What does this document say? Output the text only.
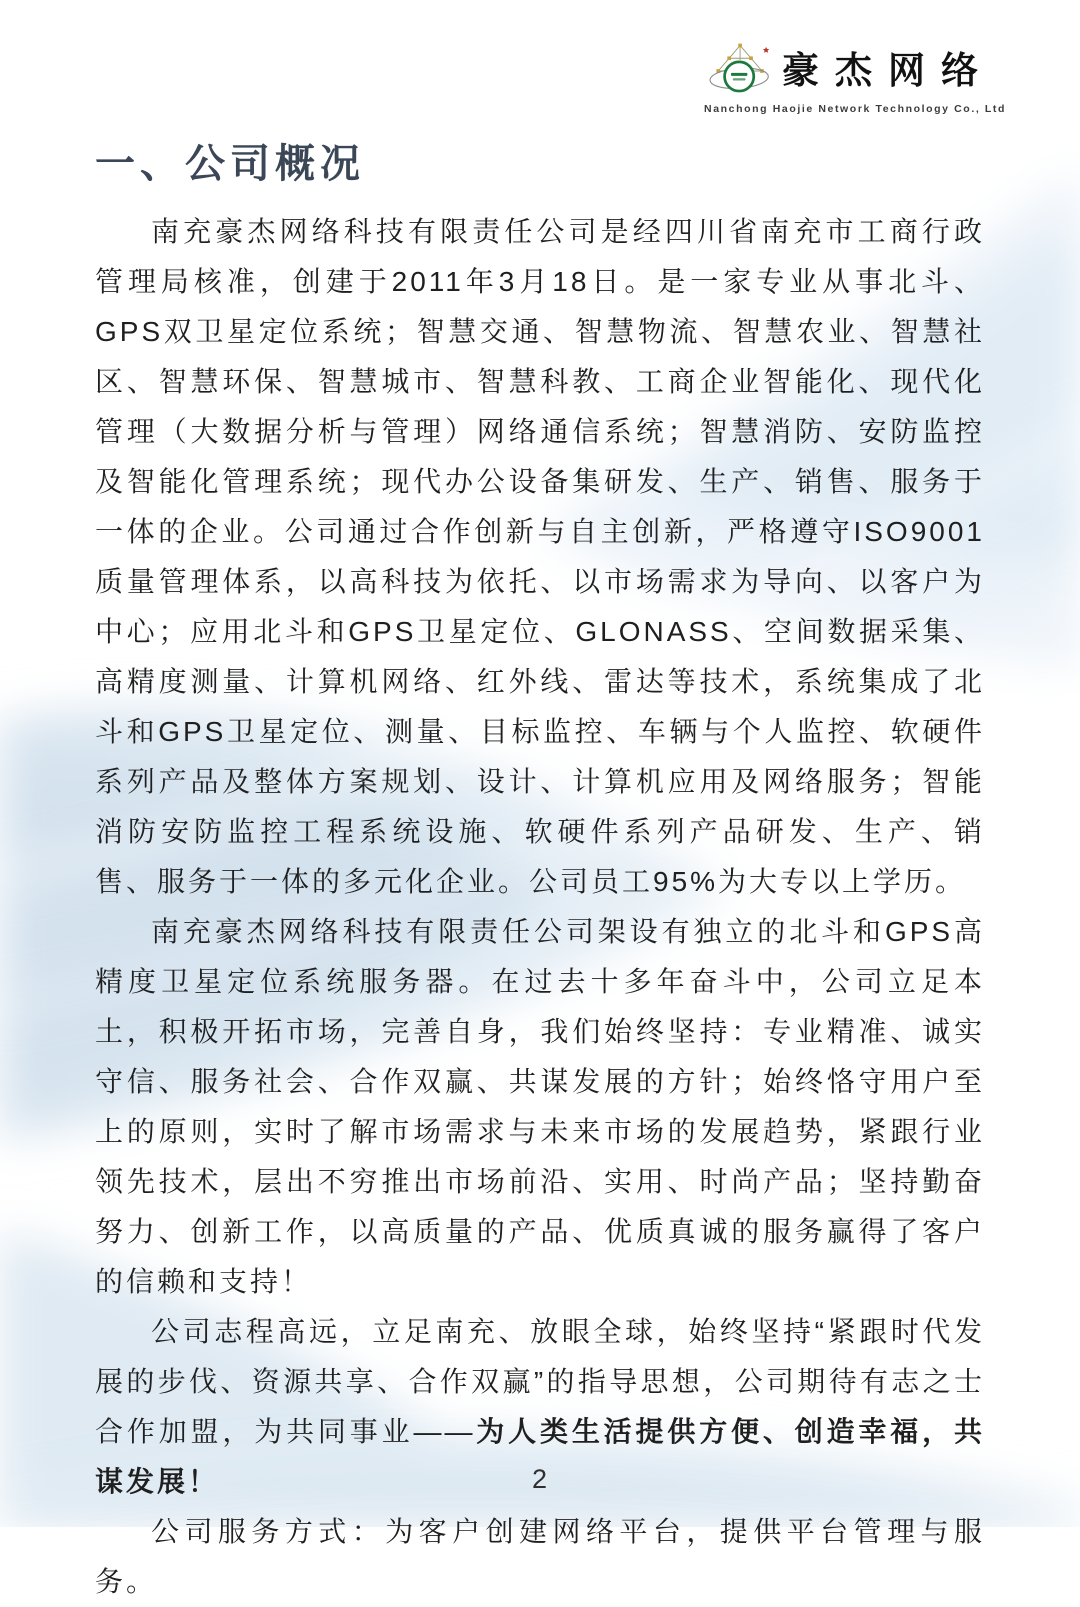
豪杰网络
Nanchong Haojie Network Technology Co., Ltd
一、公司概况

南充豪杰网络科技有限责任公司是经四川省南充市工商行政管理局核准，创建于2011年3月18日。是一家专业从事北斗、GPS双卫星定位系统；智慧交通、智慧物流、智慧农业、智慧社区、智慧环保、智慧城市、智慧科教、工商企业智能化、现代化管理（大数据分析与管理）网络通信系统；智慧消防、安防监控及智能化管理系统；现代办公设备集研发、生产、销售、服务于一体的企业。公司通过合作创新与自主创新，严格遵守ISO9001质量管理体系，以高科技为依托、以市场需求为导向、以客户为中心；应用北斗和GPS卫星定位、GLONASS、空间数据采集、高精度测量、计算机网络、红外线、雷达等技术，系统集成了北斗和GPS卫星定位、测量、目标监控、车辆与个人监控、软硬件系列产品及整体方案规划、设计、计算机应用及网络服务；智能消防安防监控工程系统设施、软硬件系列产品研发、生产、销售、服务于一体的多元化企业。公司员工95%为大专以上学历。

南充豪杰网络科技有限责任公司架设有独立的北斗和GPS高精度卫星定位系统服务器。在过去十多年奋斗中，公司立足本土，积极开拓市场，完善自身，我们始终坚持：专业精准、诚实守信、服务社会、合作双赢、共谋发展的方针；始终恪守用户至上的原则，实时了解市场需求与未来市场的发展趋势，紧跟行业领先技术，层出不穷推出市场前沿、实用、时尚产品；坚持勤奋努力、创新工作，以高质量的产品、优质真诚的服务赢得了客户的信赖和支持！

公司志程高远，立足南充、放眼全球，始终坚持“紧跟时代发展的步伐、资源共享、合作双赢”的指导思想，公司期待有志之士合作加盟，为共同事业——为人类生活提供方便、创造幸福，共谋发展！

公司服务方式：为客户创建网络平台，提供平台管理与服务。

2
